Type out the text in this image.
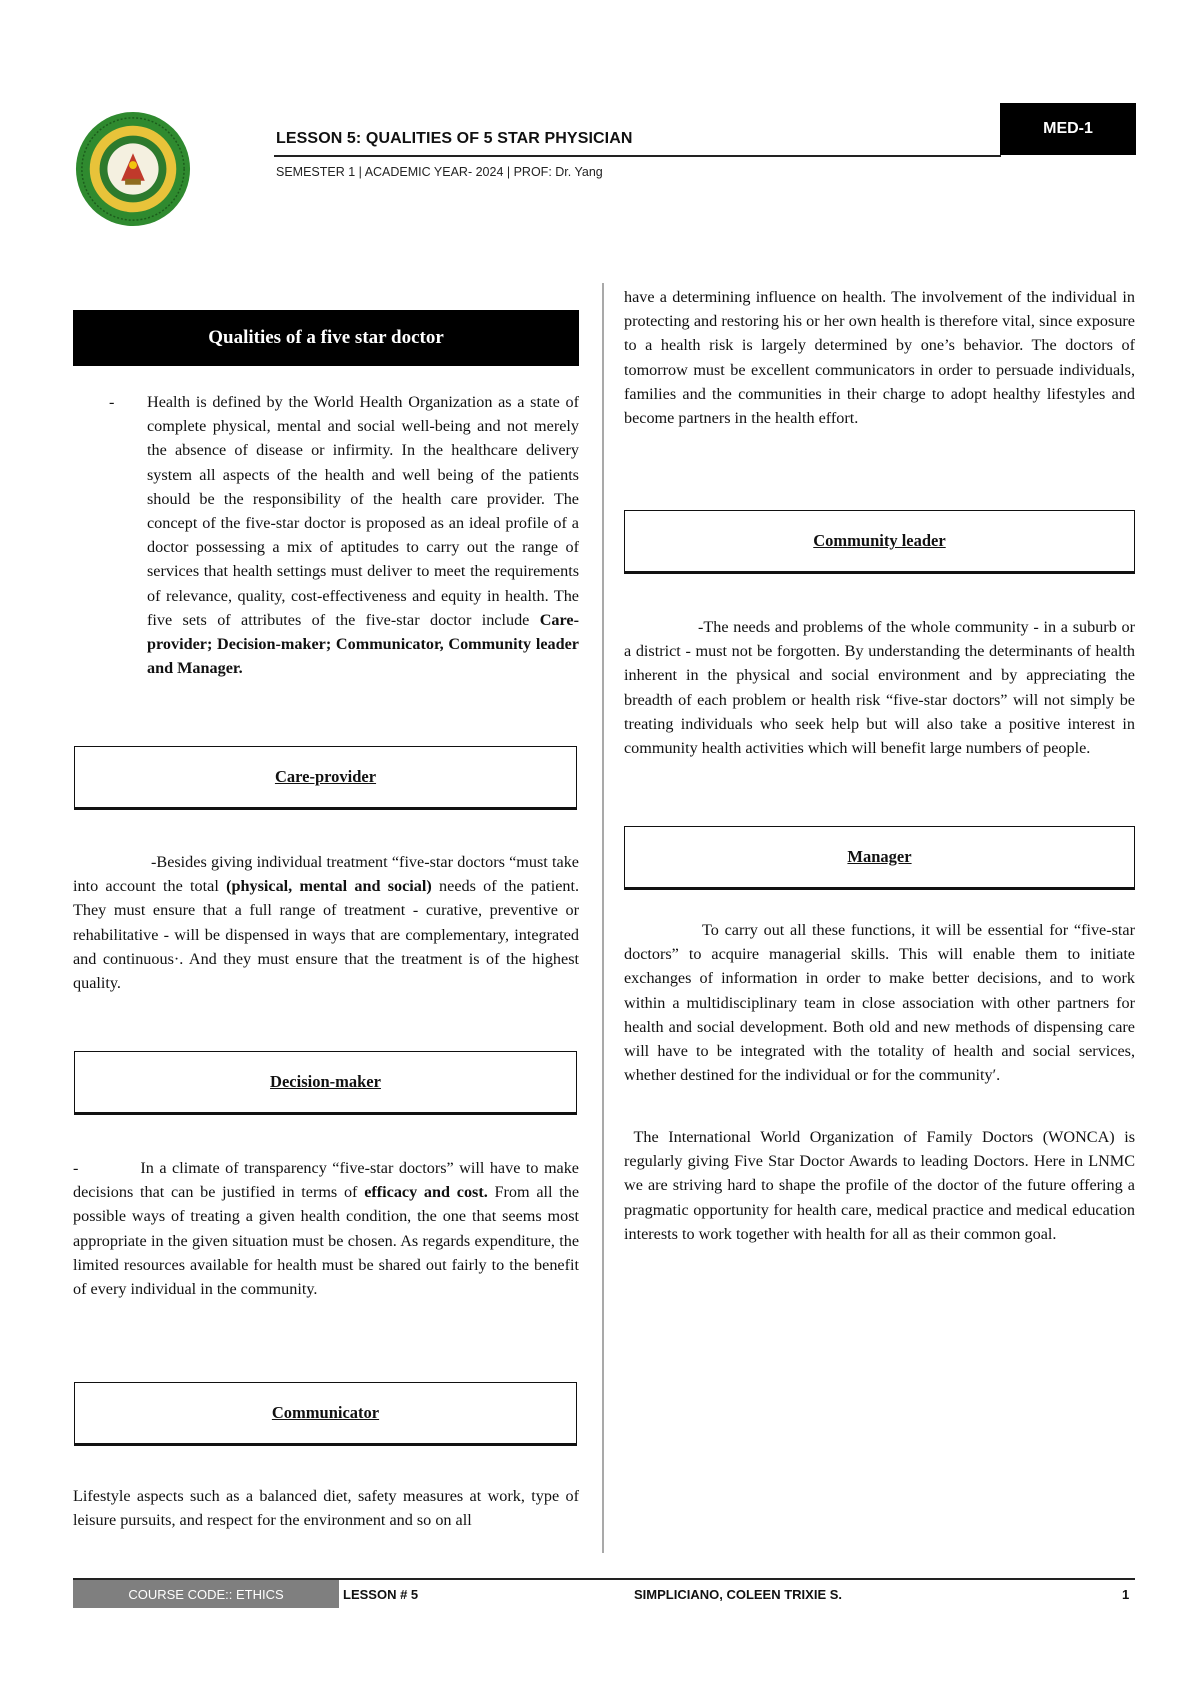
LESSON 5: QUALITIES OF 5 STAR PHYSICIAN
SEMESTER 1 | ACADEMIC YEAR- 2024 | PROF: Dr. Yang
MED-1
Qualities of a five star doctor
- Health is defined by the World Health Organization as a state of complete physical, mental and social well-being and not merely the absence of disease or infirmity. In the healthcare delivery system all aspects of the health and well being of the patients should be the responsibility of the health care provider. The concept of the five-star doctor is proposed as an ideal profile of a doctor possessing a mix of aptitudes to carry out the range of services that health settings must deliver to meet the requirements of relevance, quality, cost-effectiveness and equity in health. The five sets of attributes of the five-star doctor include Care-provider; Decision-maker; Communicator, Community leader and Manager.
Care-provider
-Besides giving individual treatment “five-star doctors “must take into account the total (physical, mental and social) needs of the patient. They must ensure that a full range of treatment - curative, preventive or rehabilitative - will be dispensed in ways that are complementary, integrated and continuous·. And they must ensure that the treatment is of the highest quality.
Decision-maker
-	In a climate of transparency “five-star doctors” will have to make decisions that can be justified in terms of efficacy and cost. From all the possible ways of treating a given health condition, the one that seems most appropriate in the given situation must be chosen. As regards expenditure, the limited resources available for health must be shared out fairly to the benefit of every individual in the community.
Communicator
Lifestyle aspects such as a balanced diet, safety measures at work, type of leisure pursuits, and respect for the environment and so on all
have a determining influence on health. The involvement of the individual in protecting and restoring his or her own health is therefore vital, since exposure to a health risk is largely determined by one’s behavior. The doctors of tomorrow must be excellent communicators in order to persuade individuals, families and the communities in their charge to adopt healthy lifestyles and become partners in the health effort.
Community leader
-The needs and problems of the whole community - in a suburb or a district - must not be forgotten. By understanding the determinants of health inherent in the physical and social environment and by appreciating the breadth of each problem or health risk “five-star doctors” will not simply be treating individuals who seek help but will also take a positive interest in community health activities which will benefit large numbers of people.
Manager
To carry out all these functions, it will be essential for “five-star doctors” to acquire managerial skills. This will enable them to initiate exchanges of information in order to make better decisions, and to work within a multidisciplinary team in close association with other partners for health and social development. Both old and new methods of dispensing care will have to be integrated with the totality of health and social services, whether destined for the individual or for the community′.
The International World Organization of Family Doctors (WONCA) is regularly giving Five Star Doctor Awards to leading Doctors. Here in LNMC we are striving hard to shape the profile of the doctor of the future offering a pragmatic opportunity for health care, medical practice and medical education interests to work together with health for all as their common goal.
COURSE CODE:: ETHICS	LESSON # 5	SIMPLICIANO, COLEEN TRIXIE S.	1
